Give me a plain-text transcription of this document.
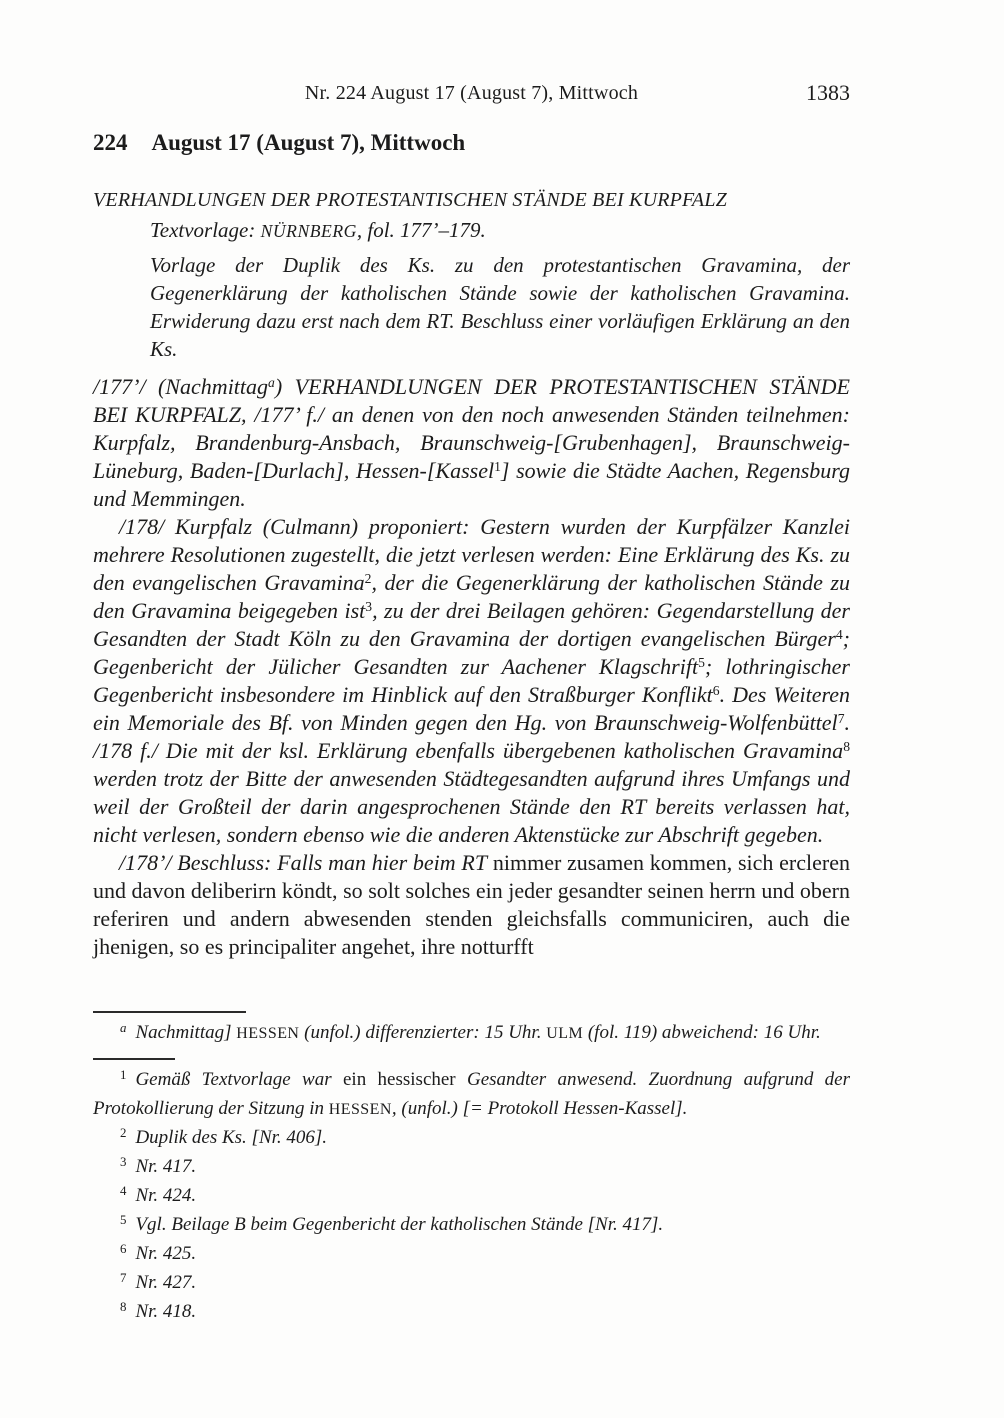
Nr. 224 August 17 (August 7), Mittwoch	1383
224 August 17 (August 7), Mittwoch

VERHANDLUNGEN DER PROTESTANTISCHEN STÄNDE BEI KURPFALZ

Textvorlage: NÜRNBERG, fol. 177’–179.

Vorlage der Duplik des Ks. zu den protestantischen Gravamina, der Gegenerklärung der katholischen Stände sowie der katholischen Gravamina. Erwiderung dazu erst nach dem RT. Beschluss einer vorläufigen Erklärung an den Ks.

/177’/ (Nachmittag$^a$) VERHANDLUNGEN DER PROTESTANTISCHEN STÄNDE BEI KURPFALZ, /177’ f./ an denen von den noch anwesenden Ständen teilnehmen: Kurpfalz, Brandenburg-Ansbach, Braunschweig-[Grubenhagen], Braunschweig-Lüneburg, Baden-[Durlach], Hessen-[Kassel$^1$] sowie die Städte Aachen, Regensburg und Memmingen.

/178/ Kurpfalz (Culmann) proponiert: Gestern wurden der Kurpfälzer Kanzlei mehrere Resolutionen zugestellt, die jetzt verlesen werden: Eine Erklärung des Ks. zu den evangelischen Gravamina$^2$, der die Gegenerklärung der katholischen Stände zu den Gravamina beigegeben ist$^3$, zu der drei Beilagen gehören: Gegendarstellung der Gesandten der Stadt Köln zu den Gravamina der dortigen evangelischen Bürger$^4$; Gegenbericht der Jülicher Gesandten zur Aachener Klagschrift$^5$; lothringischer Gegenbericht insbesondere im Hinblick auf den Straßburger Konflikt$^6$. Des Weiteren ein Memoriale des Bf. von Minden gegen den Hg. von Braunschweig-Wolfenbüttel$^7$. /178 f./ Die mit der ksl. Erklärung ebenfalls übergebenen katholischen Gravamina$^8$ werden trotz der Bitte der anwesenden Städtegesandten aufgrund ihres Umfangs und weil der Großteil der darin angesprochenen Stände den RT bereits verlassen hat, nicht verlesen, sondern ebenso wie die anderen Aktenstücke zur Abschrift gegeben.

/178’/ Beschluss: Falls man hier beim RT nimmer zusamen kommen, sich ercleren und davon deliberirn köndt, so solt solches ein jeder gesandter seinen herrn und obern referiren und andern abwesenden stenden gleichsfalls communiciren, auch die jhenigen, so es principaliter angehet, ihre notturfft

a Nachmittag] HESSEN (unfol.) differenzierter: 15 Uhr. ULM (fol. 119) abweichend: 16 Uhr.

1 Gemäß Textvorlage war ein hessischer Gesandter anwesend. Zuordnung aufgrund der Protokollierung der Sitzung in HESSEN, (unfol.) [= Protokoll Hessen-Kassel].

2 Duplik des Ks. [Nr. 406].

3 Nr. 417.

4 Nr. 424.

5 Vgl. Beilage B beim Gegenbericht der katholischen Stände [Nr. 417].

6 Nr. 425.

7 Nr. 427.

8 Nr. 418.
